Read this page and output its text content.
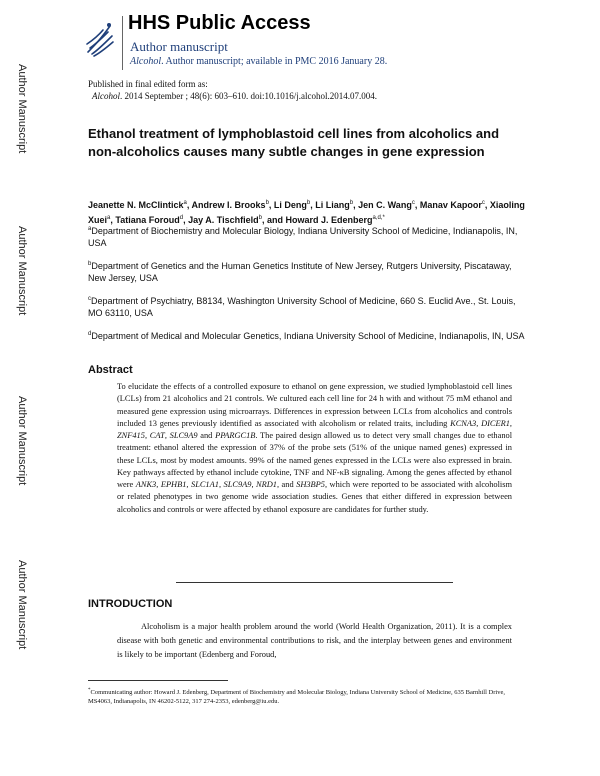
Author Manuscript
Author Manuscript
Author Manuscript
Author Manuscript
HHS Public Access
Author manuscript
Alcohol. Author manuscript; available in PMC 2016 January 28.
Published in final edited form as:
Alcohol. 2014 September ; 48(6): 603–610. doi:10.1016/j.alcohol.2014.07.004.
Ethanol treatment of lymphoblastoid cell lines from alcoholics and non-alcoholics causes many subtle changes in gene expression
Jeanette N. McClintick$^a$, Andrew I. Brooks$^b$, Li Deng$^b$, Li Liang$^b$, Jen C. Wang$^c$, Manav Kapoor$^c$, Xiaoling Xuei$^a$, Tatiana Foroud$^d$, Jay A. Tischfield$^b$, and Howard J. Edenberg$^{a,d,*}$
$^a$Department of Biochemistry and Molecular Biology, Indiana University School of Medicine, Indianapolis, IN, USA
$^b$Department of Genetics and the Human Genetics Institute of New Jersey, Rutgers University, Piscataway, New Jersey, USA
$^c$Department of Psychiatry, B8134, Washington University School of Medicine, 660 S. Euclid Ave., St. Louis, MO 63110, USA
$^d$Department of Medical and Molecular Genetics, Indiana University School of Medicine, Indianapolis, IN, USA
Abstract

To elucidate the effects of a controlled exposure to ethanol on gene expression, we studied lymphoblastoid cell lines (LCLs) from 21 alcoholics and 21 controls. We cultured each cell line for 24 h with and without 75 mM ethanol and measured gene expression using microarrays. Differences in expression between LCLs from alcoholics and controls included 13 genes previously identified as associated with alcoholism or related traits, including KCNA3, DICER1, ZNF415, CAT, SLC9A9 and PPARGC1B. The paired design allowed us to detect very small changes due to ethanol treatment: ethanol altered the expression of 37% of the probe sets (51% of the unique named genes) expressed in these LCLs, most by modest amounts. 99% of the named genes expressed in the LCLs were also expressed in brain. Key pathways affected by ethanol include cytokine, TNF and NF-κB signaling. Among the genes affected by ethanol were ANK3, EPHB1, SLC1A1, SLC9A9, NRD1, and SH3BP5, which were reported to be associated with alcoholism or related phenotypes in two genome wide association studies. Genes that either differed in expression between alcoholics and controls or were affected by ethanol exposure are candidates for further study.

INTRODUCTION

Alcoholism is a major health problem around the world (World Health Organization, 2011). It is a complex disease with both genetic and environmental contributions to risk, and the interplay between genes and environment is likely to be important (Edenberg and Foroud,

*Communicating author: Howard J. Edenberg, Department of Biochemistry and Molecular Biology, Indiana University School of Medicine, 635 Barnhill Drive, MS4063, Indianapolis, IN 46202-5122, 317 274-2353, edenberg@iu.edu.
